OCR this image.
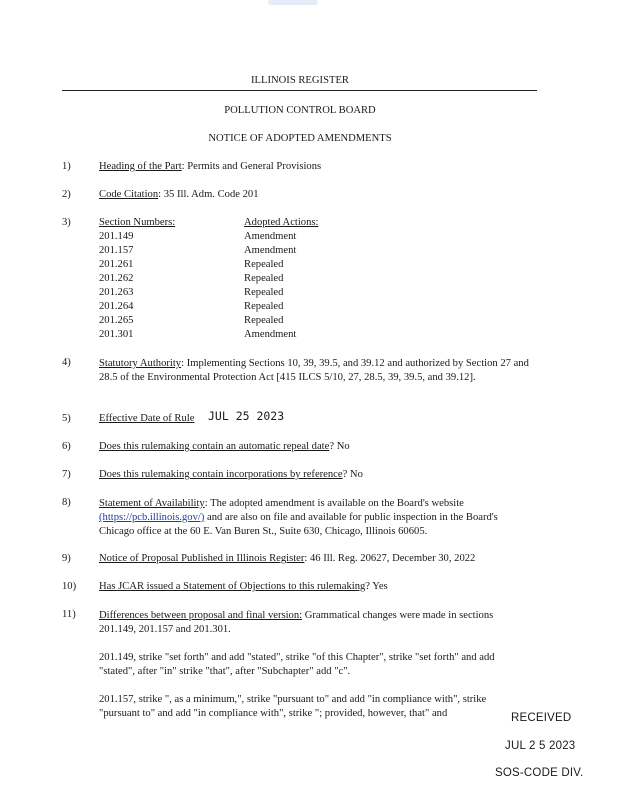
ILLINOIS REGISTER
POLLUTION CONTROL BOARD
NOTICE OF ADOPTED AMENDMENTS
1)	Heading of the Part: Permits and General Provisions
2)	Code Citation: 35 Ill. Adm. Code 201
3)	Section Numbers:	Adopted Actions:
201.149	Amendment
201.157	Amendment
201.261	Repealed
201.262	Repealed
201.263	Repealed
201.264	Repealed
201.265	Repealed
201.301	Amendment
4)	Statutory Authority: Implementing Sections 10, 39, 39.5, and 39.12 and authorized by Section 27 and 28.5 of the Environmental Protection Act [415 ILCS 5/10, 27, 28.5, 39, 39.5, and 39.12].
5)	Effective Date of Rule JUL 25 2023
6)	Does this rulemaking contain an automatic repeal date? No
7)	Does this rulemaking contain incorporations by reference? No
8)	Statement of Availability: The adopted amendment is available on the Board's website (https://pcb.illinois.gov/) and are also on file and available for public inspection in the Board's Chicago office at the 60 E. Van Buren St., Suite 630, Chicago, Illinois 60605.
9)	Notice of Proposal Published in Illinois Register: 46 Ill. Reg. 20627, December 30, 2022
10) Has JCAR issued a Statement of Objections to this rulemaking? Yes
11) Differences between proposal and final version: Grammatical changes were made in sections 201.149, 201.157 and 201.301.
201.149, strike "set forth" and add "stated", strike "of this Chapter", strike "set forth" and add "stated", after "in" strike "that", after "Subchapter" add "c".
201.157, strike ", as a minimum,", strike "pursuant to" and add "in compliance with", strike "pursuant to" and add "in compliance with", strike "; provided, however, that" and	RECEIVED
JUL 2 5 2023
SOS-CODE DIV.
